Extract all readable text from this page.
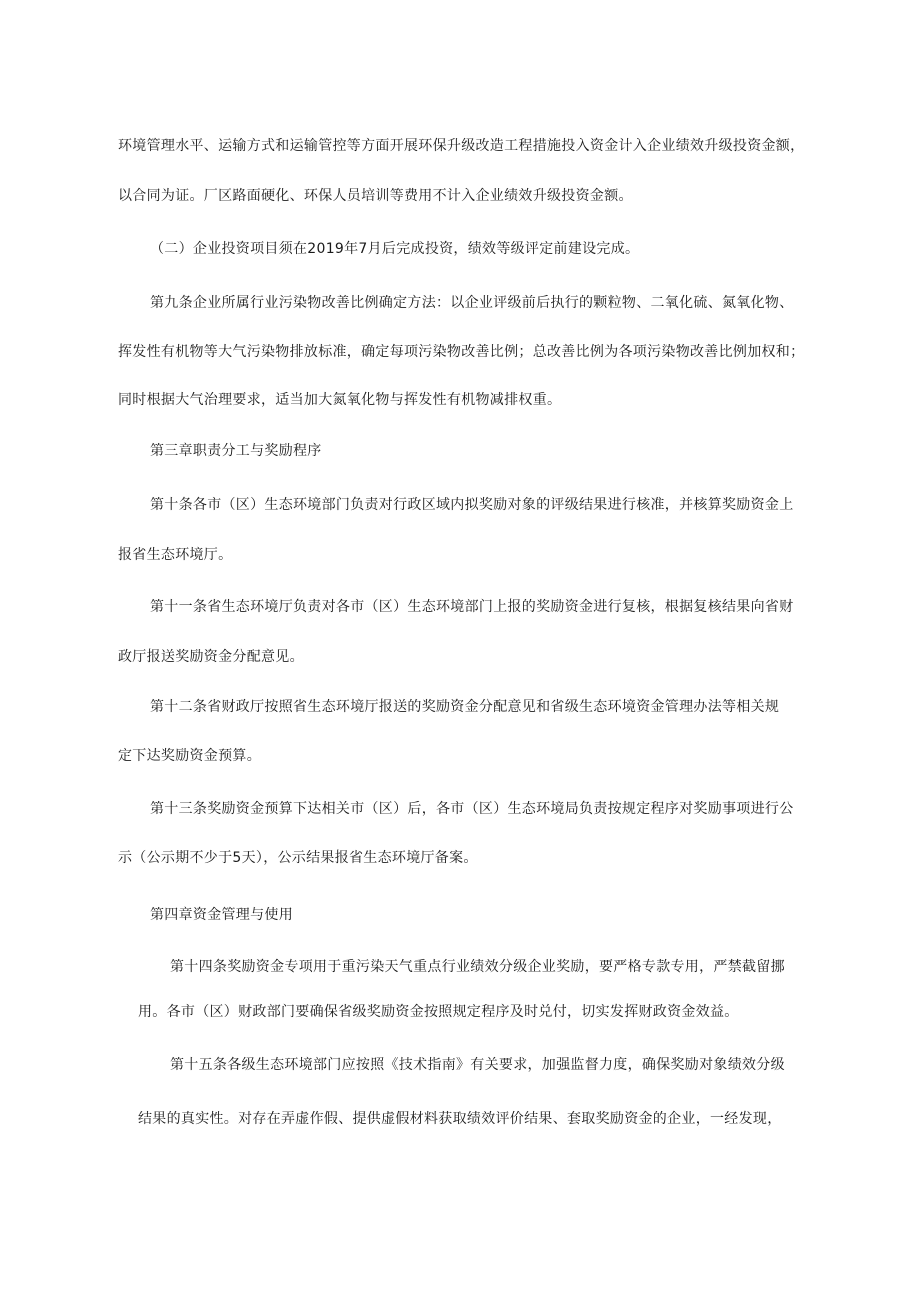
环境管理水平、运输方式和运输管控等方面开展环保升级改造工程措施投入资金计入企业绩效升级投资金额，
以合同为证。厂区路面硬化、环保人员培训等费用不计入企业绩效升级投资金额。
（二）企业投资项目须在2019年7月后完成投资，绩效等级评定前建设完成。
第九条企业所属行业污染物改善比例确定方法：以企业评级前后执行的颗粒物、二氧化硫、氮氧化物、
挥发性有机物等大气污染物排放标准，确定每项污染物改善比例；总改善比例为各项污染物改善比例加权和；
同时根据大气治理要求，适当加大氮氧化物与挥发性有机物减排权重。
第三章职责分工与奖励程序
第十条各市（区）生态环境部门负责对行政区域内拟奖励对象的评级结果进行核准，并核算奖励资金上
报省生态环境厅。
第十一条省生态环境厅负责对各市（区）生态环境部门上报的奖励资金进行复核，根据复核结果向省财
政厅报送奖励资金分配意见。
第十二条省财政厅按照省生态环境厅报送的奖励资金分配意见和省级生态环境资金管理办法等相关规
定下达奖励资金预算。
第十三条奖励资金预算下达相关市（区）后，各市（区）生态环境局负责按规定程序对奖励事项进行公
示（公示期不少于5天），公示结果报省生态环境厅备案。
第四章资金管理与使用
第十四条奖励资金专项用于重污染天气重点行业绩效分级企业奖励，要严格专款专用，严禁截留挪
用。各市（区）财政部门要确保省级奖励资金按照规定程序及时兑付，切实发挥财政资金效益。
第十五条各级生态环境部门应按照《技术指南》有关要求，加强监督力度，确保奖励对象绩效分级
结果的真实性。对存在弄虚作假、提供虚假材料获取绩效评价结果、套取奖励资金的企业，一经发现，
